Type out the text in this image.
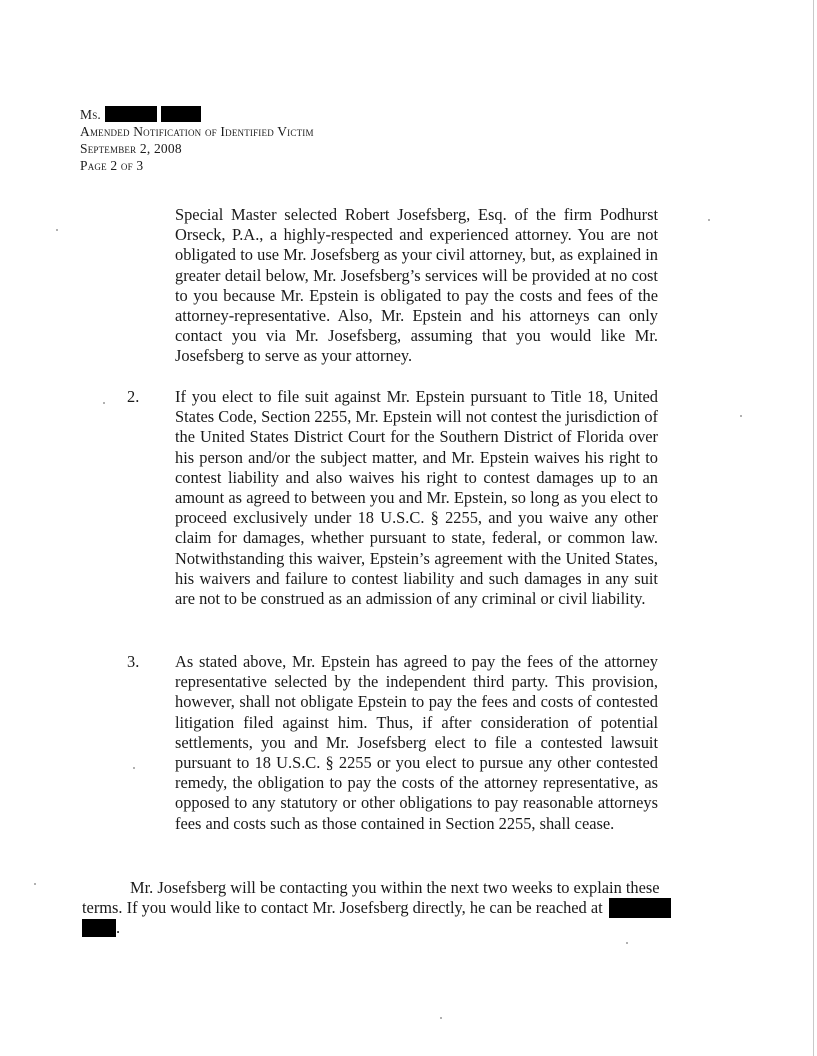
Ms.
Amended Notification of Identified Victim
September 2, 2008
Page 2 of 3
Special Master selected Robert Josefsberg, Esq. of the firm Podhurst Orseck, P.A., a highly-respected and experienced attorney. You are not obligated to use Mr. Josefsberg as your civil attorney, but, as explained in greater detail below, Mr. Josefsberg’s services will be provided at no cost to you because Mr. Epstein is obligated to pay the costs and fees of the attorney-representative. Also, Mr. Epstein and his attorneys can only contact you via Mr. Josefsberg, assuming that you would like Mr. Josefsberg to serve as your attorney.
2. If you elect to file suit against Mr. Epstein pursuant to Title 18, United States Code, Section 2255, Mr. Epstein will not contest the jurisdiction of the United States District Court for the Southern District of Florida over his person and/or the subject matter, and Mr. Epstein waives his right to contest liability and also waives his right to contest damages up to an amount as agreed to between you and Mr. Epstein, so long as you elect to proceed exclusively under 18 U.S.C. § 2255, and you waive any other claim for damages, whether pursuant to state, federal, or common law. Notwithstanding this waiver, Epstein’s agreement with the United States, his waivers and failure to contest liability and such damages in any suit are not to be construed as an admission of any criminal or civil liability.
3. As stated above, Mr. Epstein has agreed to pay the fees of the attorney representative selected by the independent third party. This provision, however, shall not obligate Epstein to pay the fees and costs of contested litigation filed against him. Thus, if after consideration of potential settlements, you and Mr. Josefsberg elect to file a contested lawsuit pursuant to 18 U.S.C. § 2255 or you elect to pursue any other contested remedy, the obligation to pay the costs of the attorney representative, as opposed to any statutory or other obligations to pay reasonable attorneys fees and costs such as those contained in Section 2255, shall cease.
Mr. Josefsberg will be contacting you within the next two weeks to explain these
terms. If you would like to contact Mr. Josefsberg directly, he can be reached at
.
